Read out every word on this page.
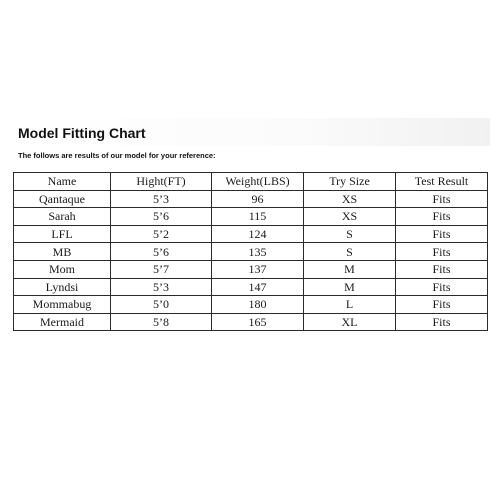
Model Fitting Chart
The follows are results of our model for your reference:
Name	Hight(FT)	Weight(LBS)	Try Size	Test Result
Qantaque	5’3	96	XS	Fits
Sarah	5’6	115	XS	Fits
LFL	5’2	124	S	Fits
MB	5’6	135	S	Fits
Mom	5’7	137	M	Fits
Lyndsi	5’3	147	M	Fits
Mommabug	5’0	180	L	Fits
Mermaid	5’8	165	XL	Fits
